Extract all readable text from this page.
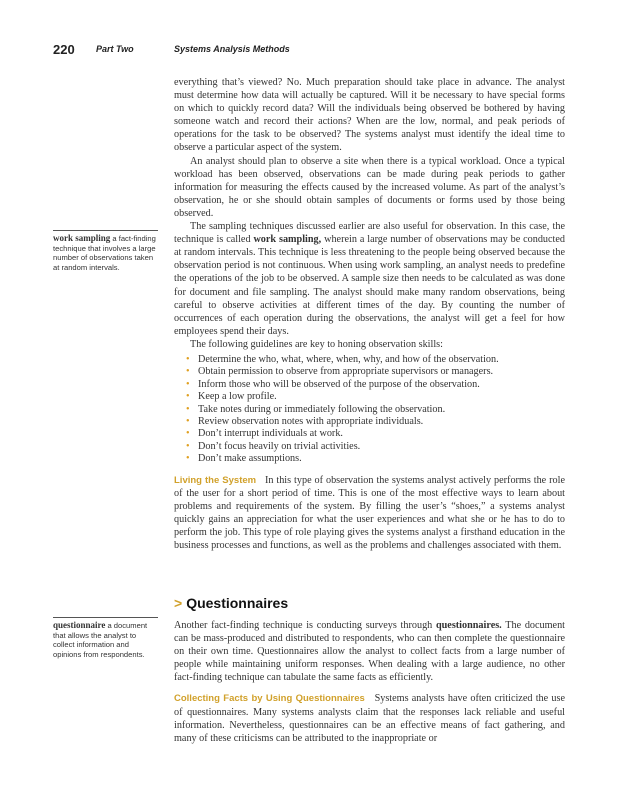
220 Part Two	Systems Analysis Methods
work sampling a fact-finding technique that involves a large number of observations taken at random intervals.
questionnaire a document that allows the analyst to collect information and opinions from respondents.

everything that’s viewed? No. Much preparation should take place in advance. The analyst must determine how data will actually be captured. Will it be necessary to have special forms on which to quickly record data? Will the individuals being observed be bothered by having someone watch and record their actions? When are the low, normal, and peak periods of operations for the task to be observed? The systems analyst must identify the ideal time to observe a particular aspect of the system.

An analyst should plan to observe a site when there is a typical workload. Once a typical workload has been observed, observations can be made during peak periods to gather information for measuring the effects caused by the increased volume. As part of the analyst’s observation, he or she should obtain samples of documents or forms used by those being observed.

The sampling techniques discussed earlier are also useful for observation. In this case, the technique is called work sampling, wherein a large number of observations may be conducted at random intervals. This technique is less threatening to the people being observed because the observation period is not continuous. When using work sampling, an analyst needs to predefine the operations of the job to be observed. A sample size then needs to be calculated as was done for document and file sampling. The analyst should make many random observations, being careful to observe activities at different times of the day. By counting the number of occurrences of each operation during the observations, the analyst will get a feel for how employees spend their days.

The following guidelines are key to honing observation skills:

• Determine the who, what, where, when, why, and how of the observation.
• Obtain permission to observe from appropriate supervisors or managers.
• Inform those who will be observed of the purpose of the observation.
• Keep a low profile.
• Take notes during or immediately following the observation.
• Review observation notes with appropriate individuals.
• Don’t interrupt individuals at work.
• Don’t focus heavily on trivial activities.
• Don’t make assumptions.

Living the System In this type of observation the systems analyst actively performs the role of the user for a short period of time. This is one of the most effective ways to learn about problems and requirements of the system. By filling the user’s “shoes,” a systems analyst quickly gains an appreciation for what the user experiences and what she or he has to do to perform the job. This type of role playing gives the systems analyst a firsthand education in the business processes and functions, as well as the problems and challenges associated with them.

> Questionnaires

Another fact-finding technique is conducting surveys through questionnaires. The document can be mass-produced and distributed to respondents, who can then complete the questionnaire on their own time. Questionnaires allow the analyst to collect facts from a large number of people while maintaining uniform responses. When dealing with a large audience, no other fact-finding technique can tabulate the same facts as efficiently.

Collecting Facts by Using Questionnaires Systems analysts have often criticized the use of questionnaires. Many systems analysts claim that the responses lack reliable and useful information. Nevertheless, questionnaires can be an effective means of fact gathering, and many of these criticisms can be attributed to the inappropriate or
